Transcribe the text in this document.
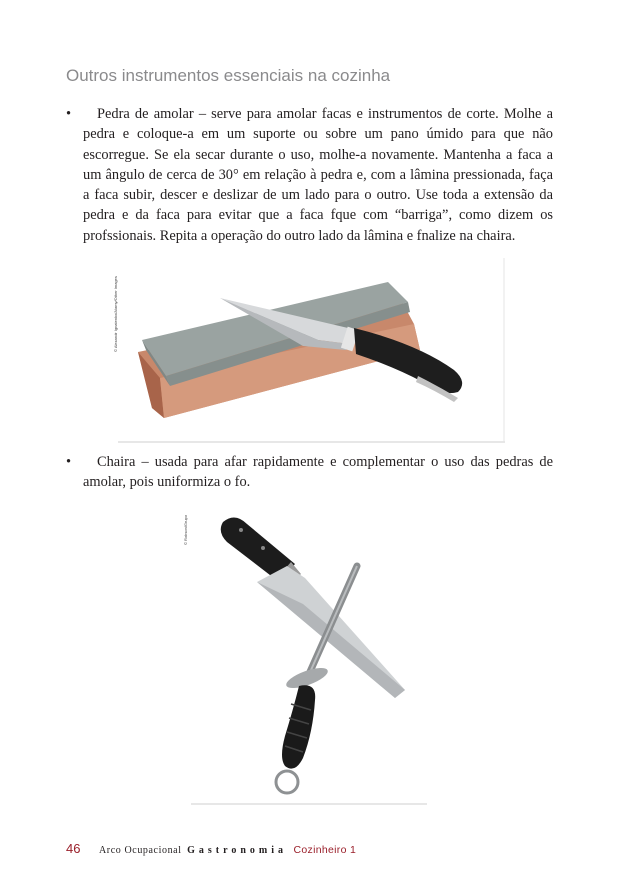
Outros instrumentos essenciais na cozinha
•	Pedra de amolar – serve para amolar facas e instrumentos de corte. Molhe a pedra e coloque-a em um suporte ou sobre um pano úmido para que não escorregue. Se ela secar durante o uso, molhe-a novamente. Mantenha a faca a um ângulo de cerca de 30° em relação à pedra e, com a lâmina pressionada, faça a faca subir, descer e deslizar de um lado para o outro. Use toda a extensão da pedra e da faca para evitar que a faca fque com “barriga”, como dizem os profssionais. Repita a operação do outro lado da lâmina e fnalize na chaira.

© Alexandr Ignatenko/Alamy/Other Images
•	Chaira – usada para afar rapidamente e complementar o uso das pedras de amolar, pois uniformiza o fo.

© Robson/Grupo
46 Arco Ocupacional Gastronomia Cozinheiro 1
